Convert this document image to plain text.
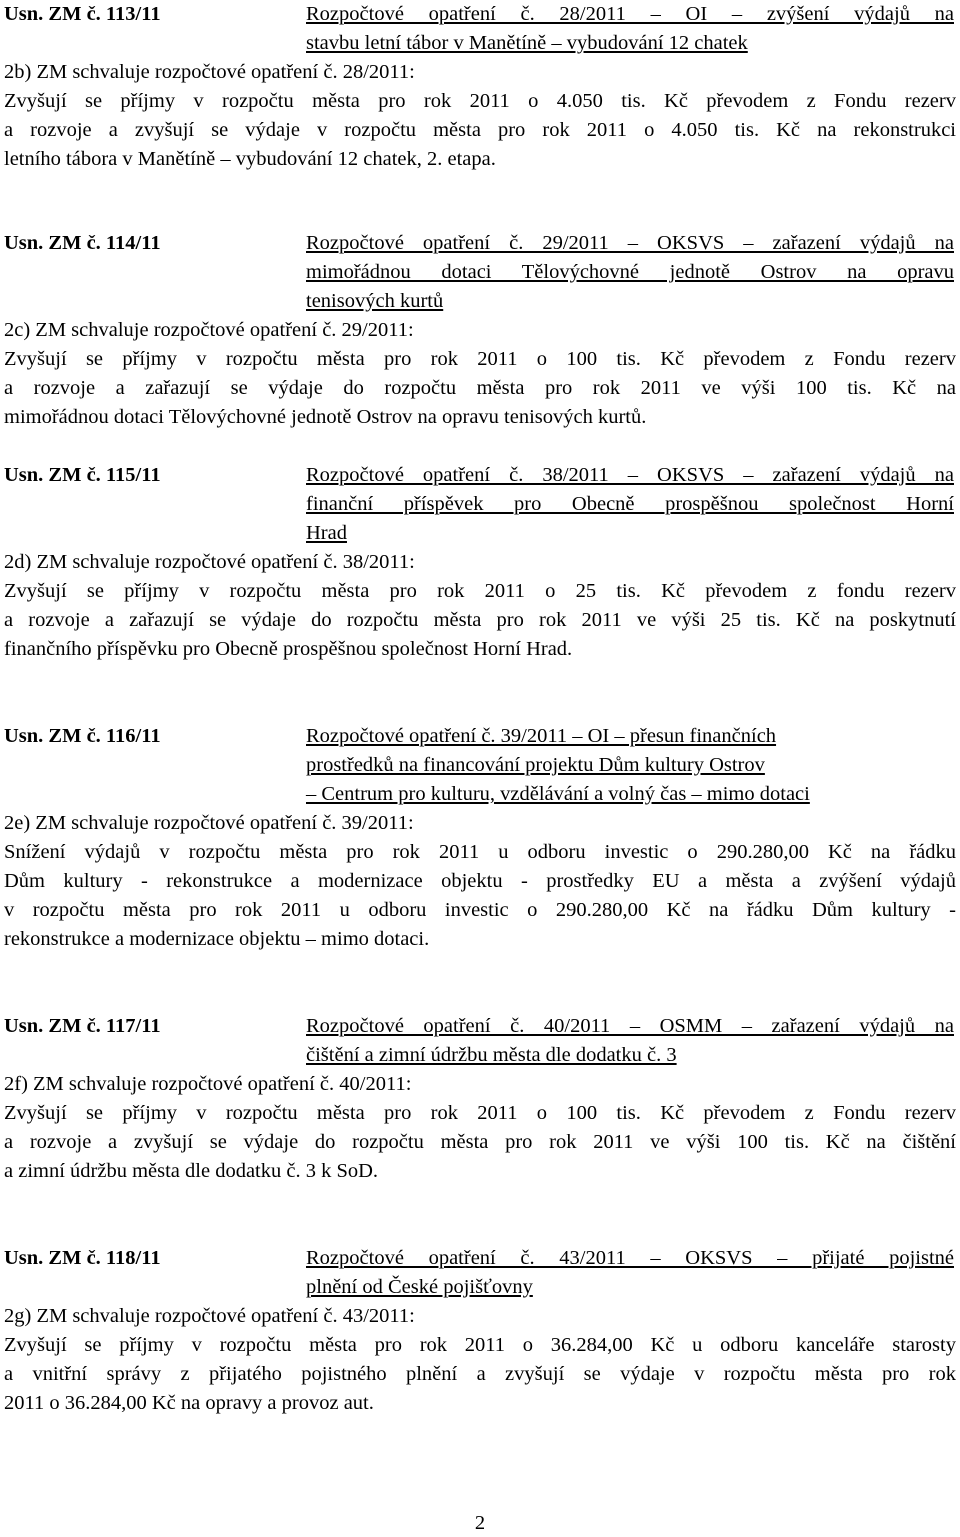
Usn. ZM č. 113/11	Rozpočtové opatření č. 28/2011 – OI – zvýšení výdajů na
stavbu letní tábor v Manětíně – vybudování 12 chatek
2b) ZM schvaluje rozpočtové opatření č. 28/2011:
Zvyšují se příjmy v rozpočtu města pro rok 2011 o 4.050 tis. Kč převodem z Fondu rezerv
a rozvoje a zvyšují se výdaje v rozpočtu města pro rok 2011 o 4.050 tis. Kč na rekonstrukci
letního tábora v Manětíně – vybudování 12 chatek, 2. etapa.
Usn. ZM č. 114/11	Rozpočtové opatření č. 29/2011 – OKSVS – zařazení výdajů na
mimořádnou dotaci Tělovýchovné jednotě Ostrov na opravu
tenisových kurtů
2c) ZM schvaluje rozpočtové opatření č. 29/2011:
Zvyšují se příjmy v rozpočtu města pro rok 2011 o 100 tis. Kč převodem z Fondu rezerv
a rozvoje a zařazují se výdaje do rozpočtu města pro rok 2011 ve výši 100 tis. Kč na
mimořádnou dotaci Tělovýchovné jednotě Ostrov na opravu tenisových kurtů.
Usn. ZM č. 115/11	Rozpočtové opatření č. 38/2011 – OKSVS – zařazení výdajů na
finanční příspěvek pro Obecně prospěšnou společnost Horní
Hrad
2d) ZM schvaluje rozpočtové opatření č. 38/2011:
Zvyšují se příjmy v rozpočtu města pro rok 2011 o 25 tis. Kč převodem z fondu rezerv
a rozvoje a zařazují se výdaje do rozpočtu města pro rok 2011 ve výši 25 tis. Kč na poskytnutí
finančního příspěvku pro Obecně prospěšnou společnost Horní Hrad.
Usn. ZM č. 116/11	Rozpočtové opatření č. 39/2011 – OI – přesun finančních
prostředků na financování projektu Dům kultury Ostrov
– Centrum pro kulturu, vzdělávání a volný čas – mimo dotaci
2e) ZM schvaluje rozpočtové opatření č. 39/2011:
Snížení výdajů v rozpočtu města pro rok 2011 u odboru investic o 290.280,00 Kč na řádku
Dům kultury - rekonstrukce a modernizace objektu - prostředky EU a města a zvýšení výdajů
v rozpočtu města pro rok 2011 u odboru investic o 290.280,00 Kč na řádku Dům kultury -
rekonstrukce a modernizace objektu – mimo dotaci.
Usn. ZM č. 117/11	Rozpočtové opatření č. 40/2011 – OSMM – zařazení výdajů na
čištění a zimní údržbu města dle dodatku č. 3
2f) ZM schvaluje rozpočtové opatření č. 40/2011:
Zvyšují se příjmy v rozpočtu města pro rok 2011 o 100 tis. Kč převodem z Fondu rezerv
a rozvoje a zvyšují se výdaje do rozpočtu města pro rok 2011 ve výši 100 tis. Kč na čištění
a zimní údržbu města dle dodatku č. 3 k SoD.
Usn. ZM č. 118/11	Rozpočtové opatření č. 43/2011 – OKSVS – přijaté pojistné
plnění od České pojišťovny
2g) ZM schvaluje rozpočtové opatření č. 43/2011:
Zvyšují se příjmy v rozpočtu města pro rok 2011 o 36.284,00 Kč u odboru kanceláře starosty
a vnitřní správy z přijatého pojistného plnění a zvyšují se výdaje v rozpočtu města pro rok
2011 o 36.284,00 Kč na opravy a provoz aut.
2
